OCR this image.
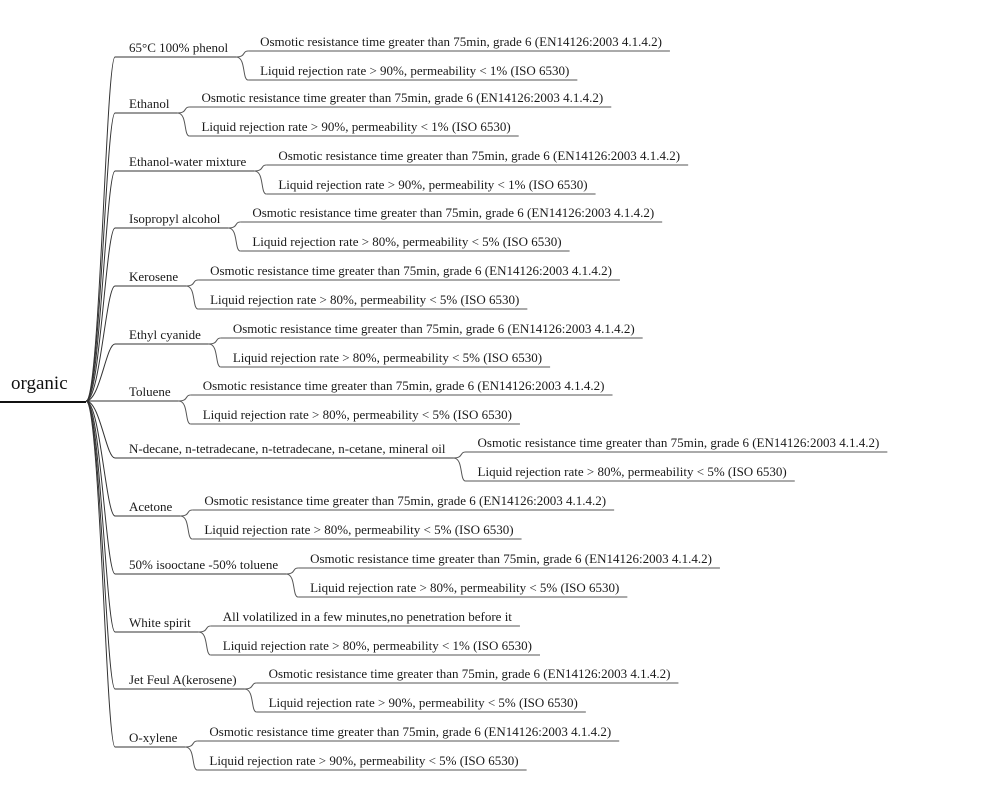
organic
65°C 100% phenol Osmotic resistance time greater than 75min, grade 6 (EN14126:2003 4.1.4.2)
Liquid rejection rate > 90%, permeability < 1% (ISO 6530)
Ethanol Osmotic resistance time greater than 75min, grade 6 (EN14126:2003 4.1.4.2)
Liquid rejection rate > 90%, permeability < 1% (ISO 6530)
Ethanol-water mixture Osmotic resistance time greater than 75min, grade 6 (EN14126:2003 4.1.4.2)
Liquid rejection rate > 90%, permeability < 1% (ISO 6530)
Isopropyl alcohol Osmotic resistance time greater than 75min, grade 6 (EN14126:2003 4.1.4.2)
Liquid rejection rate > 80%, permeability < 5% (ISO 6530)
Kerosene Osmotic resistance time greater than 75min, grade 6 (EN14126:2003 4.1.4.2)
Liquid rejection rate > 80%, permeability < 5% (ISO 6530)
Ethyl cyanide Osmotic resistance time greater than 75min, grade 6 (EN14126:2003 4.1.4.2)
Liquid rejection rate > 80%, permeability < 5% (ISO 6530)
Toluene Osmotic resistance time greater than 75min, grade 6 (EN14126:2003 4.1.4.2)
Liquid rejection rate > 80%, permeability < 5% (ISO 6530)
N-decane, n-tetradecane, n-tetradecane, n-cetane, mineral oil Osmotic resistance time greater than 75min, grade 6 (EN14126:2003 4.1.4.2)
Liquid rejection rate > 80%, permeability < 5% (ISO 6530)
Acetone Osmotic resistance time greater than 75min, grade 6 (EN14126:2003 4.1.4.2)
Liquid rejection rate > 80%, permeability < 5% (ISO 6530)
50% isooctane -50% toluene Osmotic resistance time greater than 75min, grade 6 (EN14126:2003 4.1.4.2)
Liquid rejection rate > 80%, permeability < 5% (ISO 6530)
White spirit All volatilized in a few minutes,no penetration before it
Liquid rejection rate > 80%, permeability < 1% (ISO 6530)
Jet Feul A(kerosene) Osmotic resistance time greater than 75min, grade 6 (EN14126:2003 4.1.4.2)
Liquid rejection rate > 90%, permeability < 5% (ISO 6530)
O-xylene Osmotic resistance time greater than 75min, grade 6 (EN14126:2003 4.1.4.2)
Liquid rejection rate > 90%, permeability < 5% (ISO 6530)
